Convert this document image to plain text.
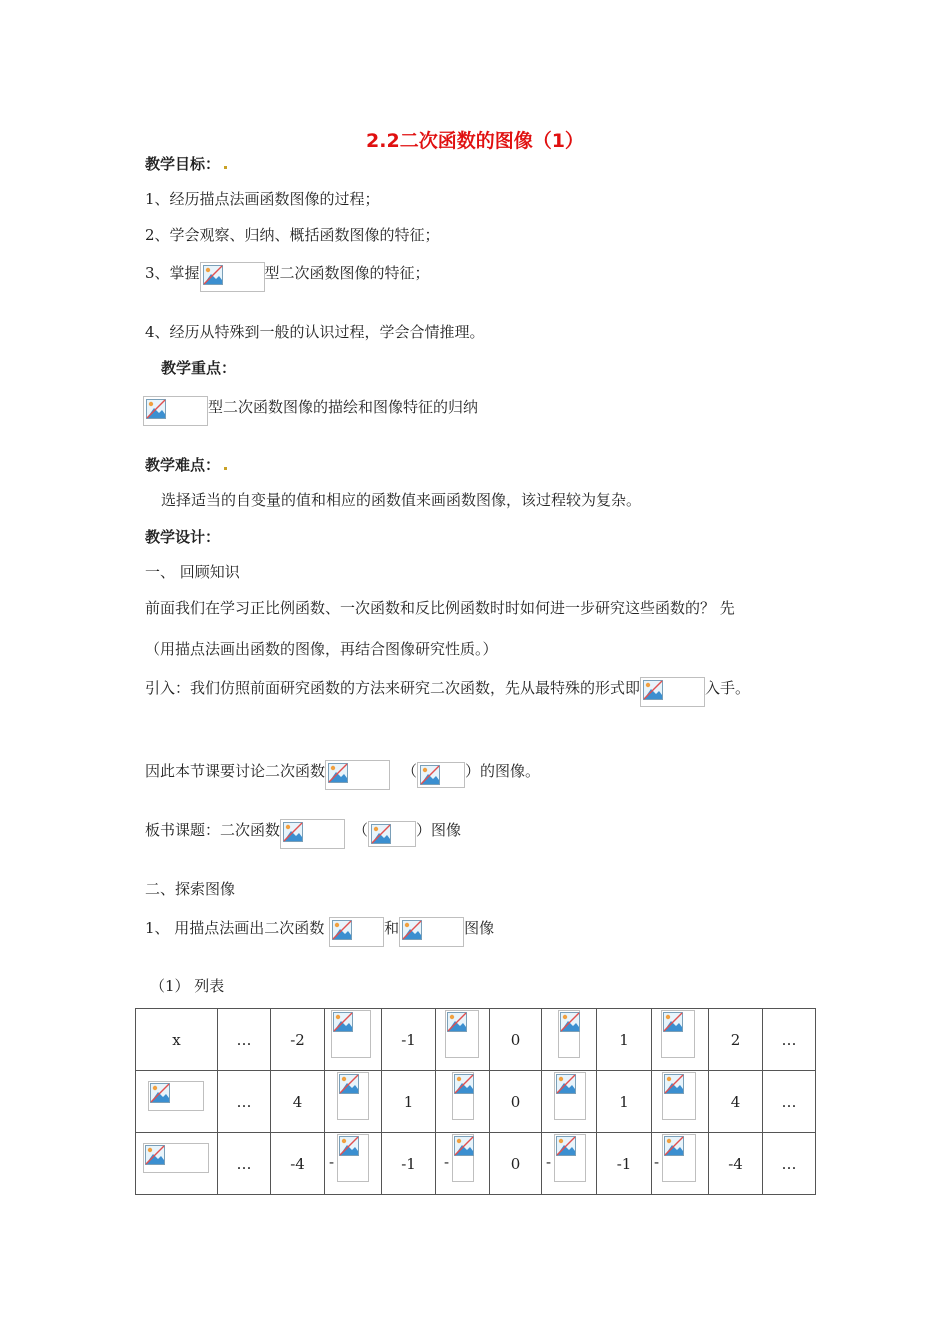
2.2二次函数的图像（1）
教学目标：
1、经历描点法画函数图像的过程；
2、学会观察、归纳、概括函数图像的特征；
3、掌握	型二次函数图像的特征；
4、经历从特殊到一般的认识过程，学会合情推理。
教学重点：
型二次函数图像的描绘和图像特征的归纳
教学难点：
选择适当的自变量的值和相应的函数值来画函数图像，该过程较为复杂。
教学设计：
一、 回顾知识
前面我们在学习正比例函数、一次函数和反比例函数时时如何进一步研究这些函数的？ 先
（用描点法画出函数的图像，再结合图像研究性质。）
引入：我们仿照前面研究函数的方法来研究二次函数，先从最特殊的形式即	入手。
因此本节课要讨论二次函数	（	）的图像。
板书课题：二次函数	（	）图像
二、探索图像
1、 用描点法画出二次函数	和	图像
（1） 列表
x	…	-2		-1		0		1		2	…

	…	4		1		0		1		4	…

	…	-4	-	-1	-	0	-	-1	-	-4	…
